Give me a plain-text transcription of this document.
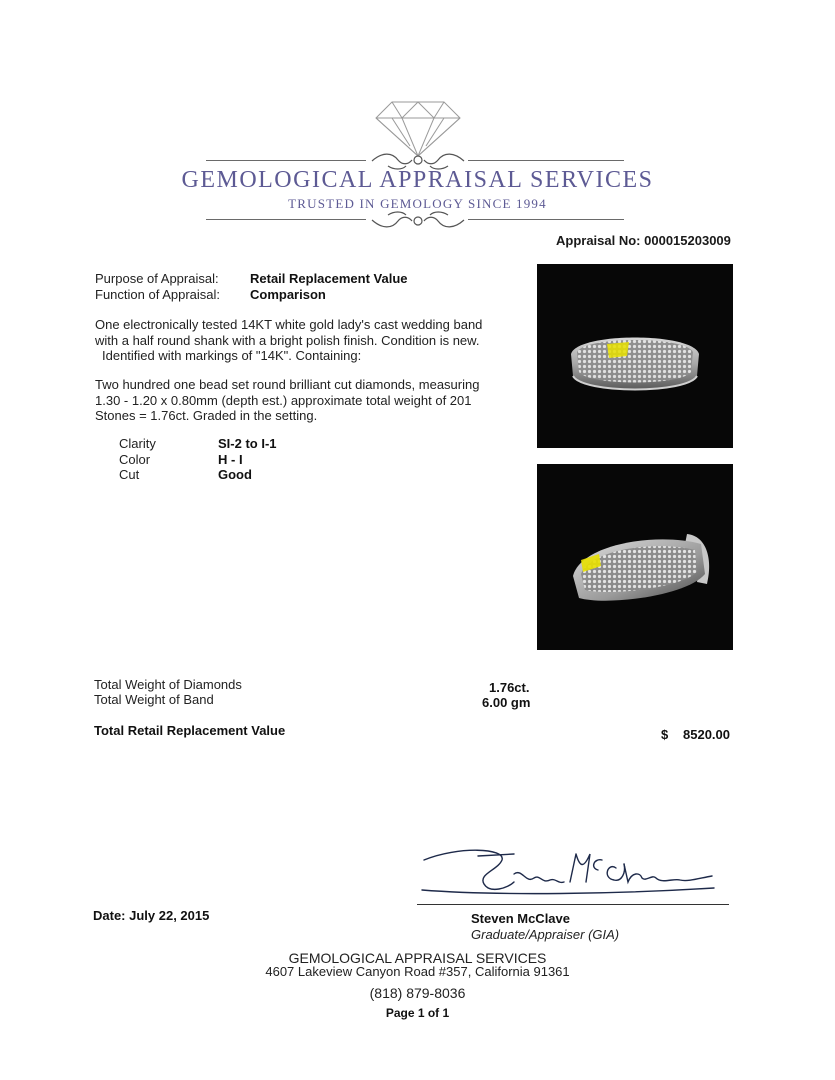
GEMOLOGICAL APPRAISAL SERVICES
TRUSTED IN GEMOLOGY SINCE 1994
Appraisal No: 000015203009
Purpose of Appraisal: Retail Replacement Value
Function of Appraisal: Comparison
One electronically tested 14KT white gold lady's cast wedding band
with a half round shank with a bright polish finish. Condition is new.
Identified with markings of "14K". Containing:
Two hundred one bead set round brilliant cut diamonds, measuring
1.30 - 1.20 x 0.80mm (depth est.) approximate total weight of 201
Stones = 1.76ct. Graded in the setting.
Clarity	SI-2 to I-1
Color	H - I
Cut	Good
Total Weight of Diamonds	1.76ct.
Total Weight of Band	6.00 gm
Total Retail Replacement Value	$ 8520.00
Date: July 22, 2015	Steven McClave
Graduate/Appraiser (GIA)
GEMOLOGICAL APPRAISAL SERVICES
4607 Lakeview Canyon Road #357, California 91361
(818) 879-8036
Page 1 of 1
